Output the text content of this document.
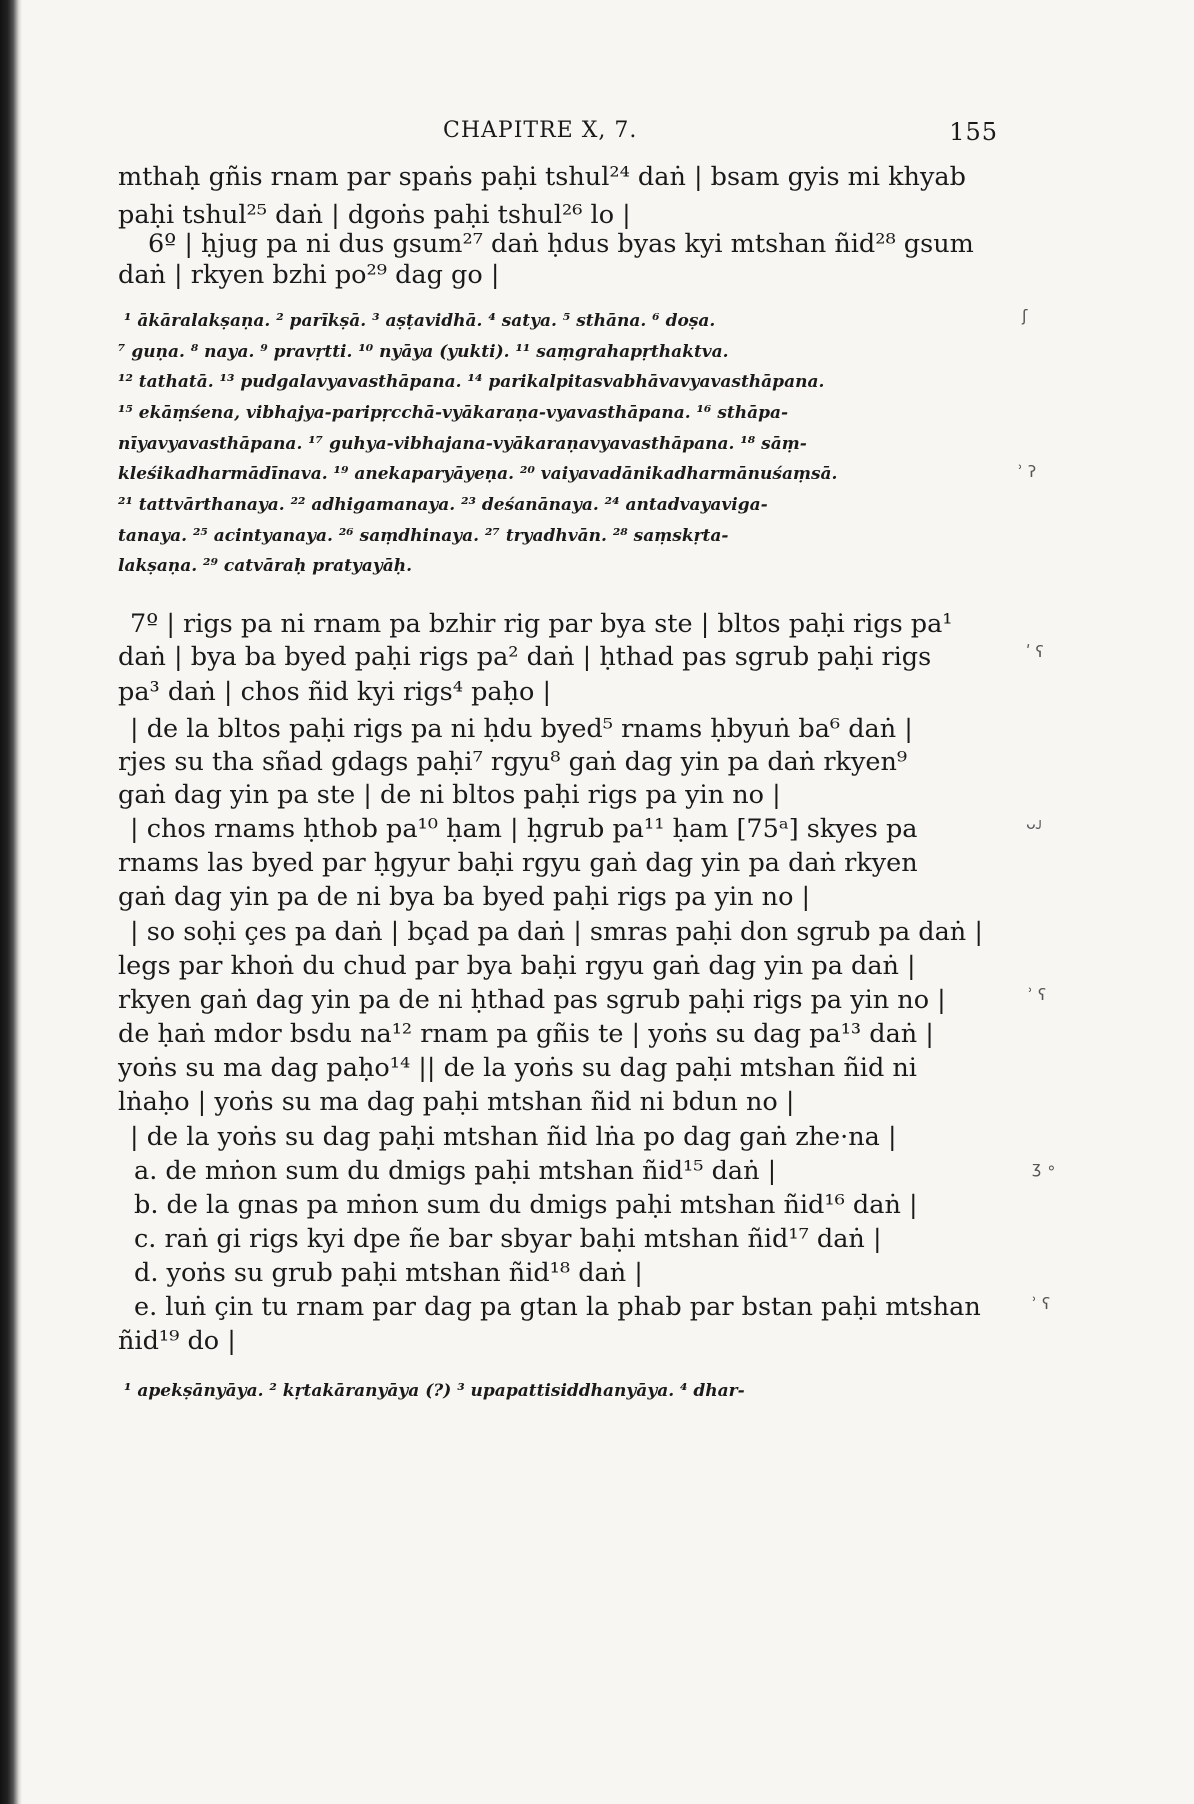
CHAPITRE X, 7.	155
mthaḥ gñis rnam par spaṅs paḥi tshul²⁴ daṅ | bsam gyis mi khyab
paḥi tshul²⁵ daṅ | dgoṅs paḥi tshul²⁶ lo |
6º | ḥjug pa ni dus gsum²⁷ daṅ ḥdus byas kyi mtshan ñid²⁸ gsum
daṅ | rkyen bzhi po²⁹ dag go |
¹ ākāralakṣaṇa. ² parīkṣā. ³ aṣṭavidhā. ⁴ satya. ⁵ sthāna. ⁶ doṣa.
⁷ guṇa. ⁸ naya. ⁹ pravṛtti. ¹⁰ nyāya (yukti). ¹¹ saṃgrahapṛthaktva.
¹² tathatā. ¹³ pudgalavyavasthāpana. ¹⁴ parikalpitasvabhāvavyavasthāpana.
¹⁵ ekāṃśena, vibhajya-paripṛcchā-vyākaraṇa-vyavasthāpana. ¹⁶ sthāpa-
nīyavyavasthāpana. ¹⁷ guhya-vibhajana-vyākaraṇavyavasthāpana. ¹⁸ sāṃ-
kleśikadharmādīnava. ¹⁹ anekaparyāyeṇa. ²⁰ vaiyavadānikadharmānuśaṃsā.
²¹ tattvārthanaya. ²² adhigamanaya. ²³ deśanānaya. ²⁴ antadvayaviga-
tanaya. ²⁵ acintyanaya. ²⁶ saṃdhinaya. ²⁷ tryadhvān. ²⁸ saṃskṛta-
lakṣaṇa. ²⁹ catvāraḥ pratyayāḥ.
7º | rigs pa ni rnam pa bzhir rig par bya ste | bltos paḥi rigs pa¹
daṅ | bya ba byed paḥi rigs pa² daṅ | ḥthad pas sgrub paḥi rigs
pa³ daṅ | chos ñid kyi rigs⁴ paḥo |
| de la bltos paḥi rigs pa ni ḥdu byed⁵ rnams ḥbyuṅ ba⁶ daṅ |
rjes su tha sñad gdags paḥi⁷ rgyu⁸ gaṅ dag yin pa daṅ rkyen⁹
gaṅ dag yin pa ste | de ni bltos paḥi rigs pa yin no |
| chos rnams ḥthob pa¹⁰ ḥam | ḥgrub pa¹¹ ḥam [75ᵃ] skyes pa
rnams las byed par ḥgyur baḥi rgyu gaṅ dag yin pa daṅ rkyen
gaṅ dag yin pa de ni bya ba byed paḥi rigs pa yin no |
| so soḥi çes pa daṅ | bçad pa daṅ | smras paḥi don sgrub pa daṅ |
legs par khoṅ du chud par bya baḥi rgyu gaṅ dag yin pa daṅ |
rkyen gaṅ dag yin pa de ni ḥthad pas sgrub paḥi rigs pa yin no |
de ḥaṅ mdor bsdu na¹² rnam pa gñis te | yoṅs su dag pa¹³ daṅ |
yoṅs su ma dag paḥo¹⁴ || de la yoṅs su dag paḥi mtshan ñid ni
lṅaḥo | yoṅs su ma dag paḥi mtshan ñid ni bdun no |
| de la yoṅs su dag paḥi mtshan ñid lṅa po dag gaṅ zhe·na |
a. de mṅon sum du dmigs paḥi mtshan ñid¹⁵ daṅ |
b. de la gnas pa mṅon sum du dmigs paḥi mtshan ñid¹⁶ daṅ |
c. raṅ gi rigs kyi dpe ñe bar sbyar baḥi mtshan ñid¹⁷ daṅ |
d. yoṅs su grub paḥi mtshan ñid¹⁸ daṅ |
e. luṅ çin tu rnam par dag pa gtan la phab par bstan paḥi mtshan
ñid¹⁹ do |
¹ apekṣānyāya. ² kṛtakāranyāya (?) ³ upapattisiddhanyāya. ⁴ dhar-
ʃ
ʾ ʔ
ʹ ʕ
ᴗᴊ
ʾ ʕ
ʒ ∘
ʾ ʕ
